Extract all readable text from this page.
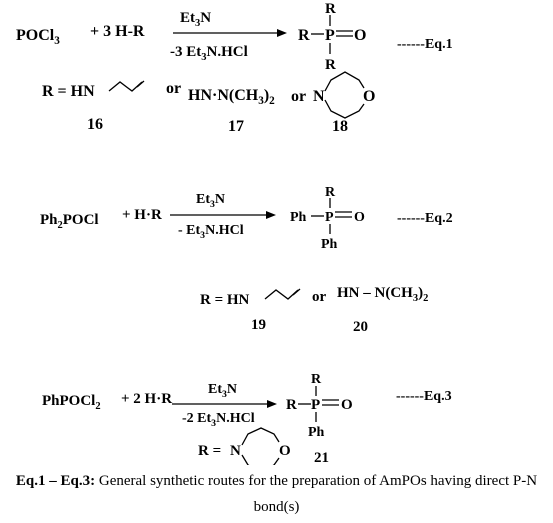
POCl$_3$
+ 3 H-R
$Et_3N$
-3 $Et_3N.HCl$
R P O
R
R
------Eq.1
R = HN	or $HN\cdot N(CH_3)_2$ or N O
16	17	18
$Ph_2POCl + H\cdot R$
$Et_3N$
- $Et_3N.HCl$
Ph P O
R
Ph
------Eq.2
R = HN	or HN – $N(CH_3)_2$
19	20
PhPOCl$_2$ + 2 H·R
$Et_3N$
-2 $Et_3N.HCl$
R P O
R
Ph
------Eq.3
R = N	O 21
Eq.1 – Eq.3: General synthetic routes for the preparation of AmPOs having direct P-N
bond(s)
